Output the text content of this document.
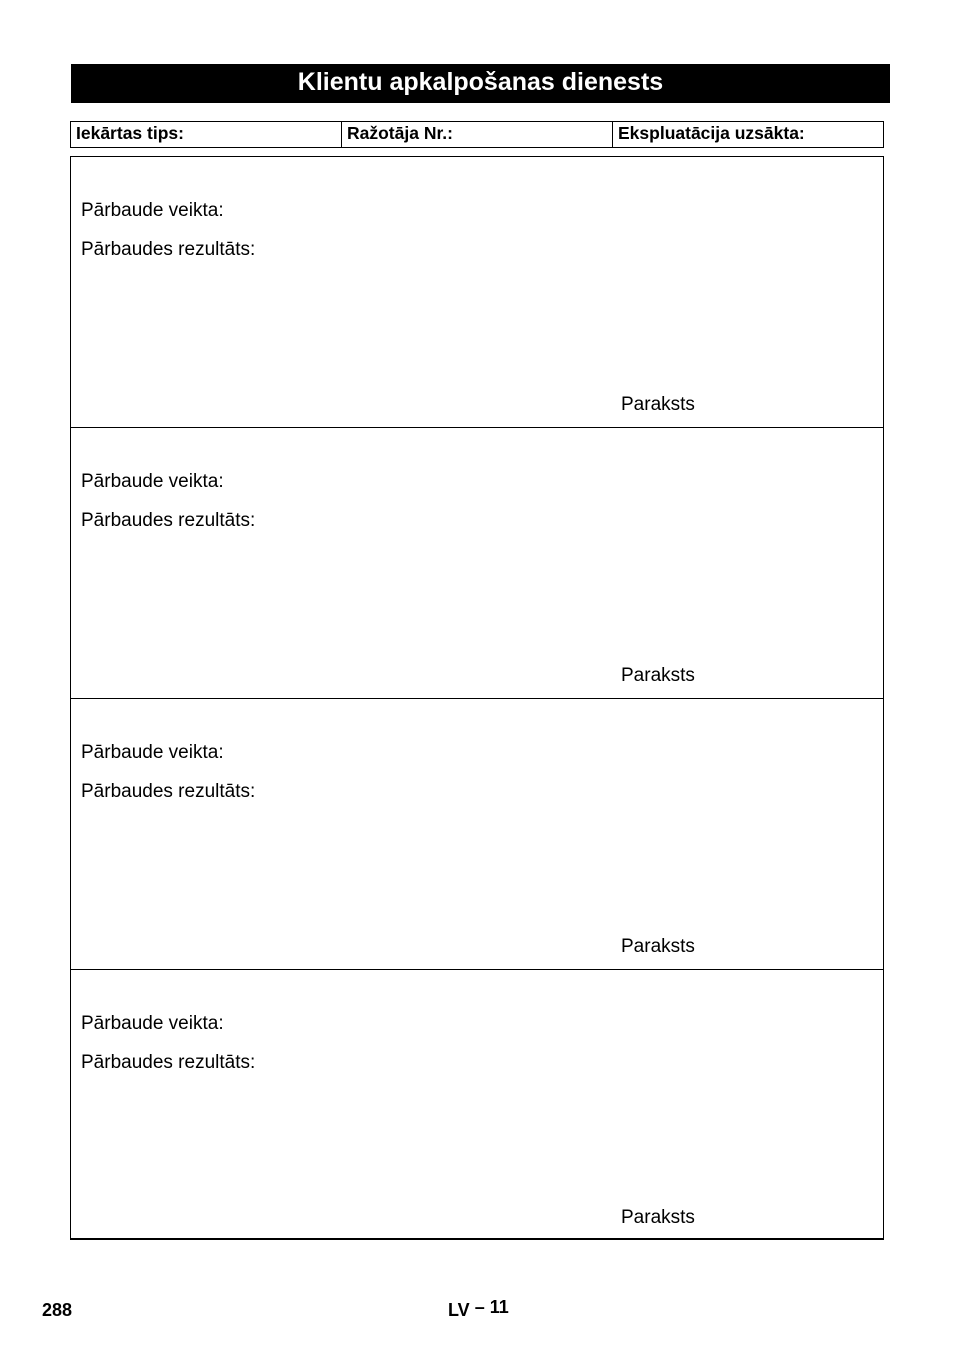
Klientu apkalpošanas dienests
Iekārtas tips:	Ražotāja Nr.:	Ekspluatācija uzsākta:
Pārbaude veikta:
Pārbaudes rezultāts:
Paraksts
Pārbaude veikta:
Pārbaudes rezultāts:
Paraksts
Pārbaude veikta:
Pārbaudes rezultāts:
Paraksts
Pārbaude veikta:
Pārbaudes rezultāts:
Paraksts
288	LV – 11
